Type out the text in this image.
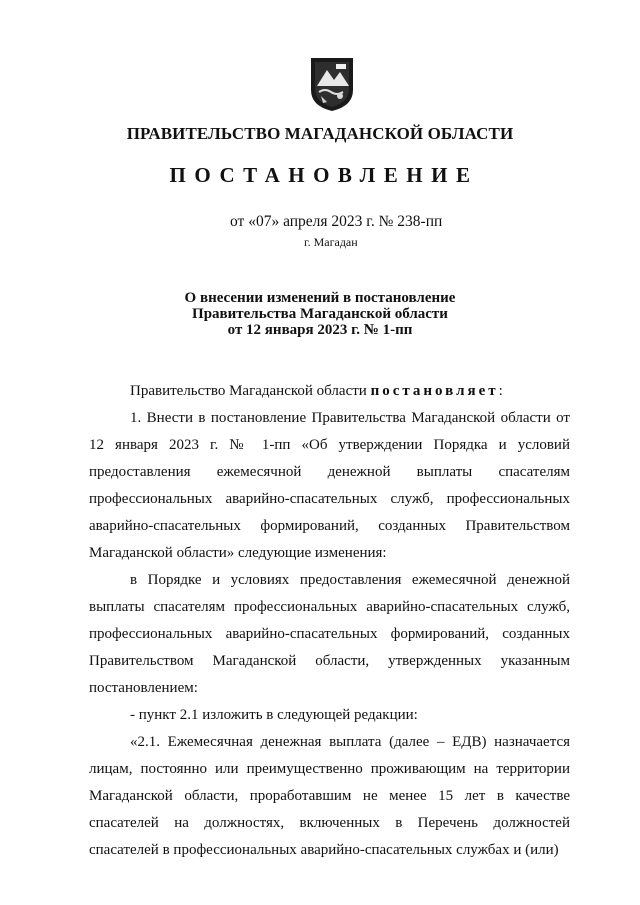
ПРАВИТЕЛЬСТВО МАГАДАНСКОЙ ОБЛАСТИ
ПОСТАНОВЛЕНИЕ
от «07» апреля 2023 г. № 238-пп
г. Магадан
О внесении изменений в постановление
Правительства Магаданской области
от 12 января 2023 г. № 1-пп

Правительство Магаданской области постановляет:

1. Внести в постановление Правительства Магаданской области от 12 января 2023 г. № 1-пп «Об утверждении Порядка и условий предоставления ежемесячной денежной выплаты спасателям профессиональных аварийно-спасательных служб, профессиональных аварийно-спасательных формирований, созданных Правительством Магаданской области» следующие изменения:

в Порядке и условиях предоставления ежемесячной денежной выплаты спасателям профессиональных аварийно-спасательных служб, профессиональных аварийно-спасательных формирований, созданных Правительством Магаданской области, утвержденных указанным постановлением:

- пункт 2.1 изложить в следующей редакции:

«2.1. Ежемесячная денежная выплата (далее – ЕДВ) назначается лицам, постоянно или преимущественно проживающим на территории Магаданской области, проработавшим не менее 15 лет в качестве спасателей на должностях, включенных в Перечень должностей спасателей в профессиональных аварийно-спасательных службах и (или)
